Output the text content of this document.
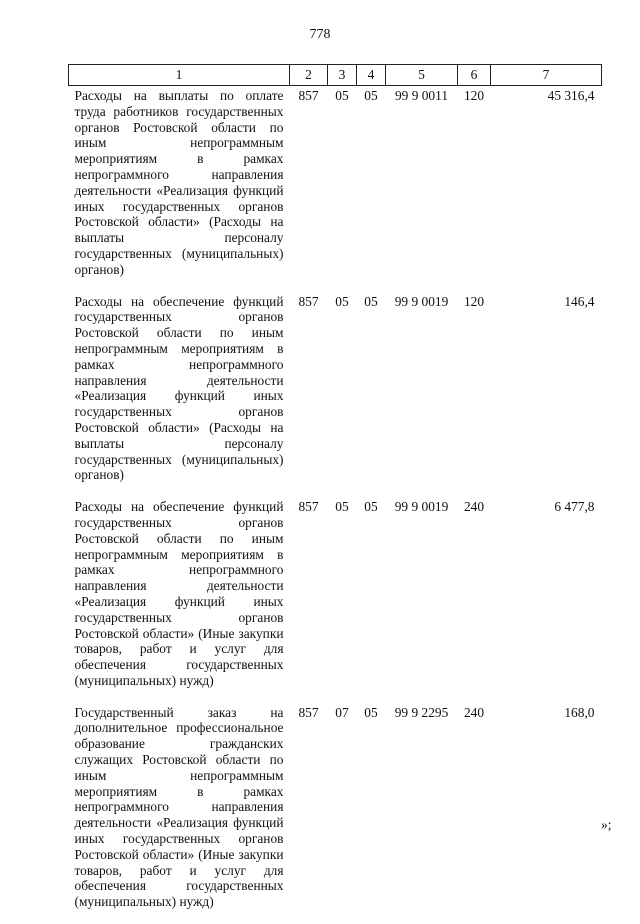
778
1	2	3	4	5	6	7
Расходы на выплаты по оплате труда работников государственных органов Ростовской области по иным непрограммным мероприятиям в рамках непрограммного направления деятельности «Реализация функций иных государственных органов Ростовской области» (Расходы на выплаты персоналу государственных (муниципальных) органов)	857	05	05	99 9 0011	120	45 316,4
Расходы на обеспечение функций государственных органов Ростовской области по иным непрограммным мероприятиям в рамках непрограммного направления деятельности «Реализация функций иных государственных органов Ростовской области» (Расходы на выплаты персоналу государственных (муниципальных) органов)	857	05	05	99 9 0019	120	146,4
Расходы на обеспечение функций государственных органов Ростовской области по иным непрограммным мероприятиям в рамках непрограммного направления деятельности «Реализация функций иных государственных органов Ростовской области» (Иные закупки товаров, работ и услуг для обеспечения государственных (муниципальных) нужд)	857	05	05	99 9 0019	240	6 477,8
Государственный заказ на дополнительное профессиональное образование гражданских служащих Ростовской области по иным непрограммным мероприятиям в рамках непрограммного направления деятельности «Реализация функций иных государственных органов Ростовской области» (Иные закупки товаров, работ и услуг для обеспечения государственных (муниципальных) нужд)	857	07	05	99 9 2295	240	168,0
»;
